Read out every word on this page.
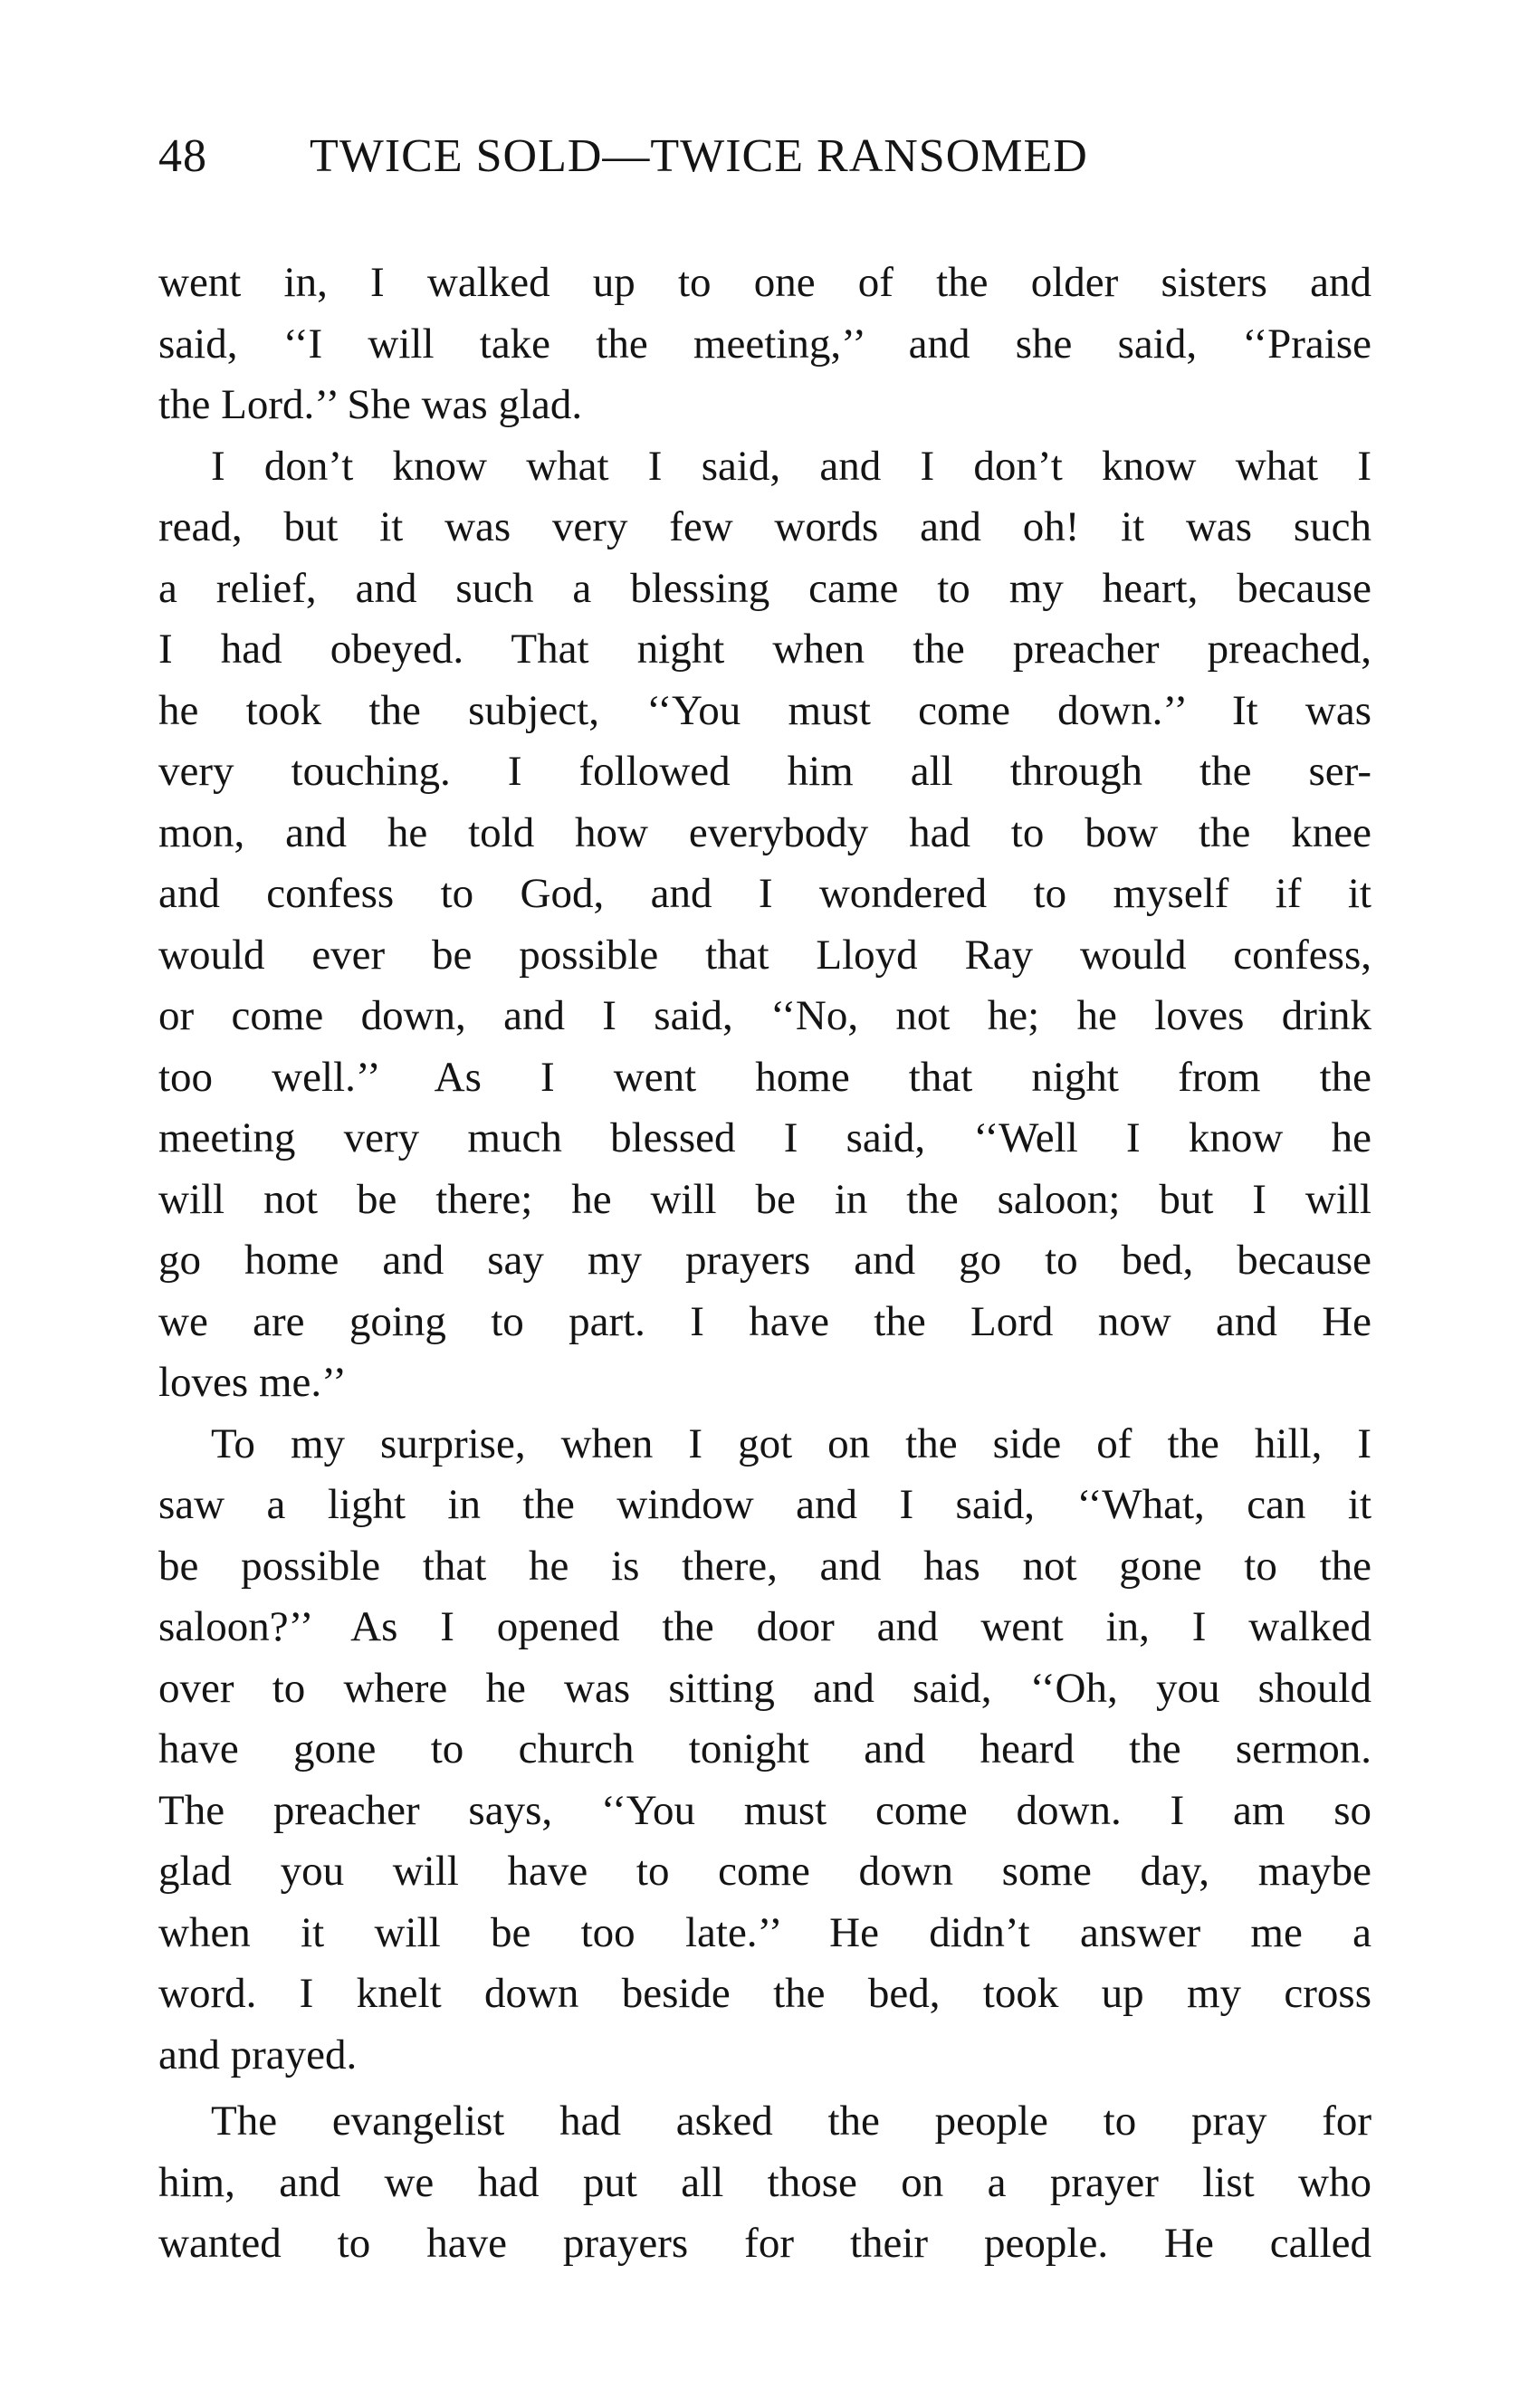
48 TWICE SOLD—TWICE RANSOMED
went in, I walked up to one of the older sisters and
said, ‘‘I will take the meeting,’’ and she said, ‘‘Praise
the Lord.’’ She was glad.
I don’t know what I said, and I don’t know what I
read, but it was very few words and oh! it was such
a relief, and such a blessing came to my heart, because
I had obeyed. That night when the preacher preached,
he took the subject, ‘‘You must come down.’’ It was
very touching. I followed him all through the ser-
mon, and he told how everybody had to bow the knee
and confess to God, and I wondered to myself if it
would ever be possible that Lloyd Ray would confess,
or come down, and I said, ‘‘No, not he; he loves drink
too well.’’ As I went home that night from the
meeting very much blessed I said, ‘‘Well I know he
will not be there; he will be in the saloon; but I will
go home and say my prayers and go to bed, because
we are going to part. I have the Lord now and He
loves me.’’
To my surprise, when I got on the side of the hill, I
saw a light in the window and I said, ‘‘What, can it
be possible that he is there, and has not gone to the
saloon?’’ As I opened the door and went in, I walked
over to where he was sitting and said, ‘‘Oh, you should
have gone to church tonight and heard the sermon.
The preacher says, ‘‘You must come down. I am so
glad you will have to come down some day, maybe
when it will be too late.’’ He didn’t answer me a
word. I knelt down beside the bed, took up my cross
and prayed.
The evangelist had asked the people to pray for
him, and we had put all those on a prayer list who
wanted to have prayers for their people. He called
